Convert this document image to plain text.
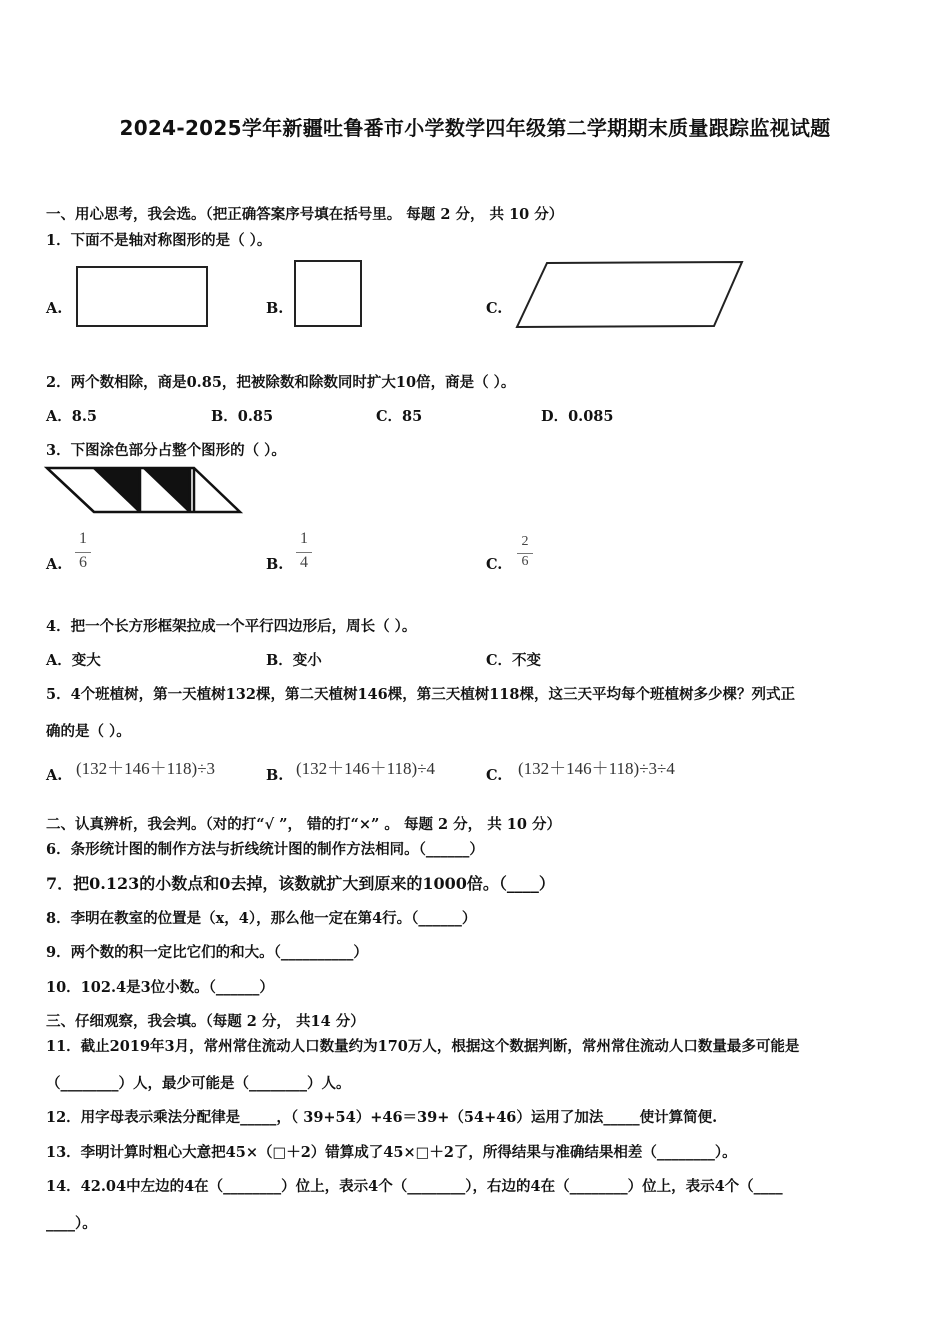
2024-2025学年新疆吐鲁番市小学数学四年级第二学期期末质量跟踪监视试题
一、用心思考，我会选。（把正确答案序号填在括号里。 每题 2 分， 共 10 分）
1．下面不是轴对称图形的是（ ）。
A.	B.	C.
2．两个数相除，商是0.85，把被除数和除数同时扩大10倍，商是（ ）。
A．8.5	B．0.85	C．85	D．0.085
3．下图涂色部分占整个图形的（ ）。
A.
1
6	B.
1
4	C.
2
6
4．把一个长方形框架拉成一个平行四边形后，周长（ ）。
A．变大	B．变小	C．不变
5．4个班植树，第一天植树132棵，第二天植树146棵，第三天植树118棵，这三天平均每个班植树多少棵？列式正
确的是（ ）。
A. (132＋146＋118)÷3	B. (132＋146＋118)÷4	C. (132＋146＋118)÷3÷4
二、认真辨析，我会判。（对的打“√ ”， 错的打“×” 。 每题 2 分， 共 10 分）
6．条形统计图的制作方法与折线统计图的制作方法相同。（______）
7．把0.123的小数点和0去掉，该数就扩大到原来的1000倍。（____）
8．李明在教室的位置是（x，4），那么他一定在第4行。（______）
9．两个数的积一定比它们的和大。（__________）
10．102.4是3位小数。（______）
三、仔细观察，我会填。（每题 2 分， 共14 分）
11．截止2019年3月，常州常住流动人口数量约为170万人，根据这个数据判断，常州常住流动人口数量最多可能是
（________）人，最少可能是（________）人。
12．用字母表示乘法分配律是_____，（ 39+54）+46＝39+（54+46）运用了加法_____使计算简便.
13．李明计算时粗心大意把45×（□＋2）错算成了45×□＋2了，所得结果与准确结果相差（________）。
14．42.04中左边的4在（________）位上，表示4个（________），右边的4在（________）位上，表示4个（____
____）。
